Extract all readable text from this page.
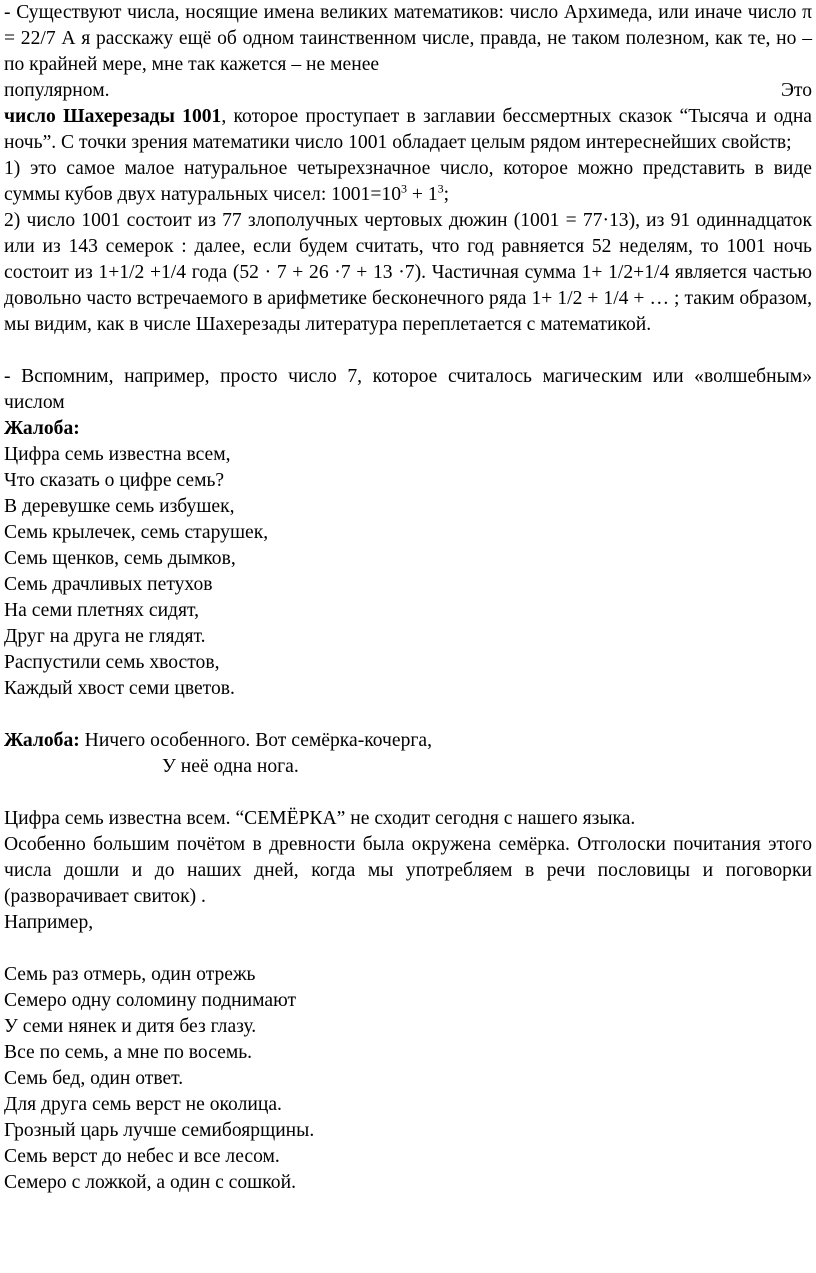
- Существуют числа, носящие имена великих математиков: число Архимеда, или иначе число π = 22/7 А я расскажу ещё об одном таинственном числе, правда, не таком полезном, как те, но – по крайней мере, мне так кажется – не менее

популярном.	Это

число Шахерезады 1001, которое проступает в заглавии бессмертных сказок “Тысяча и одна ночь”. С точки зрения математики число 1001 обладает целым рядом интереснейших свойств;

1) это самое малое натуральное четырехзначное число, которое можно представить в виде суммы кубов двух натуральных чисел: $1001=10^3 + 1^3$;

2) число 1001 состоит из 77 злополучных чертовых дюжин (1001 = 77·13), из 91 одиннадцаток или из 143 семерок : далее, если будем считать, что год равняется 52 неделям, то 1001 ночь состоит из 1+1/2 +1/4 года (52 · 7 + 26 ·7 + 13 ·7). Частичная сумма 1+ 1/2+1/4 является частью довольно часто встречаемого в арифметике бесконечного ряда 1+ 1/2 + 1/4 + … ; таким образом, мы видим, как в числе Шахерезады литература переплетается с математикой.

- Вспомним, например, просто число 7, которое считалось магическим или «волшебным» числом

Жалоба:

Цифра семь известна всем,

Что сказать о цифре семь?

В деревушке семь избушек,

Семь крылечек, семь старушек,

Семь щенков, семь дымков,

Семь драчливых петухов

На семи плетнях сидят,

Друг на друга не глядят.

Распустили семь хвостов,

Каждый хвост семи цветов.

Жалоба: Ничего особенного. Вот семёрка-кочерга,

У неё одна нога.

Цифра семь известна всем. “СЕМЁРКА” не сходит сегодня с нашего языка.

Особенно большим почётом в древности была окружена семёрка. Отголоски почитания этого числа дошли и до наших дней, когда мы употребляем в речи пословицы и поговорки (разворачивает свиток) .

Например,

Семь раз отмерь, один отрежь

Семеро одну соломину поднимают

У семи нянек и дитя без глазу.

Все по семь, а мне по восемь.

Семь бед, один ответ.

Для друга семь верст не околица.

Грозный царь лучше семибоярщины.

Семь верст до небес и все лесом.

Семеро с ложкой, а один с сошкой.
